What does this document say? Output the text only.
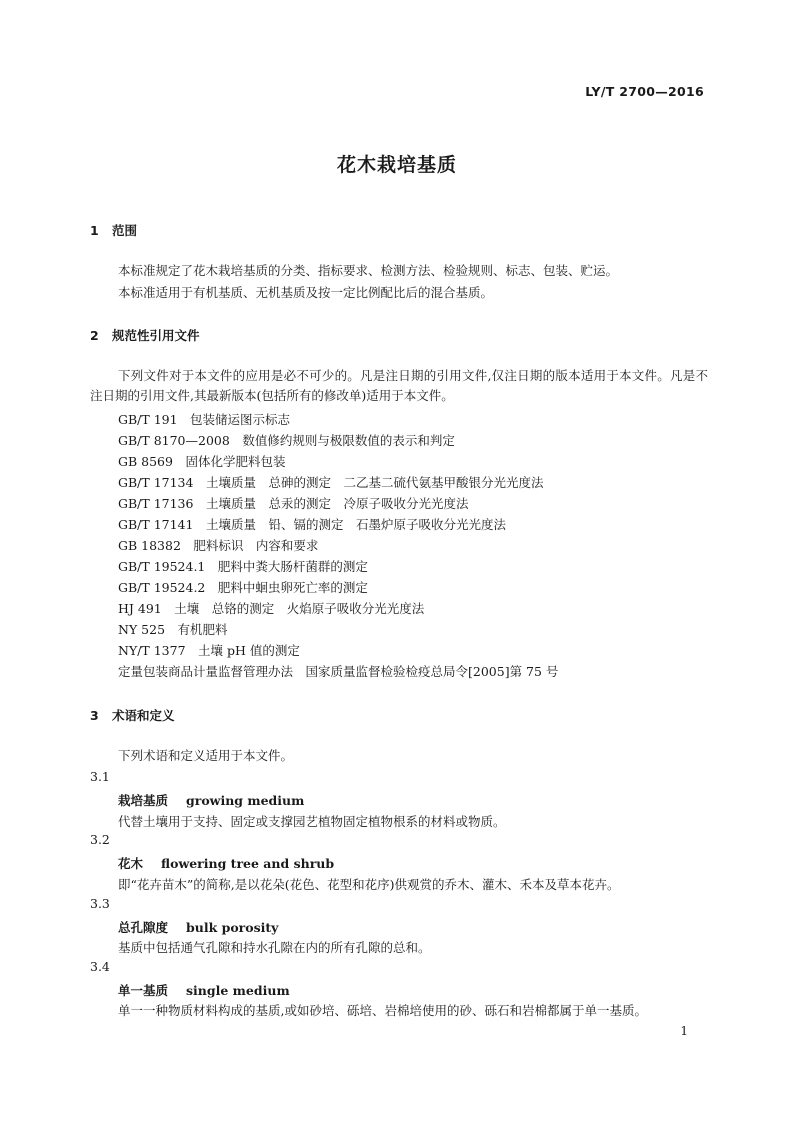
LY/T 2700—2016
花木栽培基质
1 范围
本标准规定了花木栽培基质的分类、指标要求、检测方法、检验规则、标志、包装、贮运。
本标准适用于有机基质、无机基质及按一定比例配比后的混合基质。
2 规范性引用文件
下列文件对于本文件的应用是必不可少的。凡是注日期的引用文件,仅注日期的版本适用于本文件。凡是不注日期的引用文件,其最新版本(包括所有的修改单)适用于本文件。
GB/T 191　包装储运图示标志
GB/T 8170—2008　数值修约规则与极限数值的表示和判定
GB 8569　固体化学肥料包装
GB/T 17134　土壤质量　总砷的测定　二乙基二硫代氨基甲酸银分光光度法
GB/T 17136　土壤质量　总汞的测定　冷原子吸收分光光度法
GB/T 17141　土壤质量　铅、镉的测定　石墨炉原子吸收分光光度法
GB 18382　肥料标识　内容和要求
GB/T 19524.1　肥料中粪大肠杆菌群的测定
GB/T 19524.2　肥料中蛔虫卵死亡率的测定
HJ 491　土壤　总铬的测定　火焰原子吸收分光光度法
NY 525　有机肥料
NY/T 1377　土壤 pH 值的测定
定量包装商品计量监督管理办法　国家质量监督检验检疫总局令[2005]第 75 号
3 术语和定义
下列术语和定义适用于本文件。
3.1
栽培基质 growing medium
代替土壤用于支持、固定或支撑园艺植物固定植物根系的材料或物质。
3.2
花木 flowering tree and shrub
即“花卉苗木”的简称,是以花朵(花色、花型和花序)供观赏的乔木、灌木、禾本及草本花卉。
3.3
总孔隙度 bulk porosity
基质中包括通气孔隙和持水孔隙在内的所有孔隙的总和。
3.4
单一基质 single medium
单一一种物质材料构成的基质,或如砂培、砾培、岩棉培使用的砂、砾石和岩棉都属于单一基质。
1
